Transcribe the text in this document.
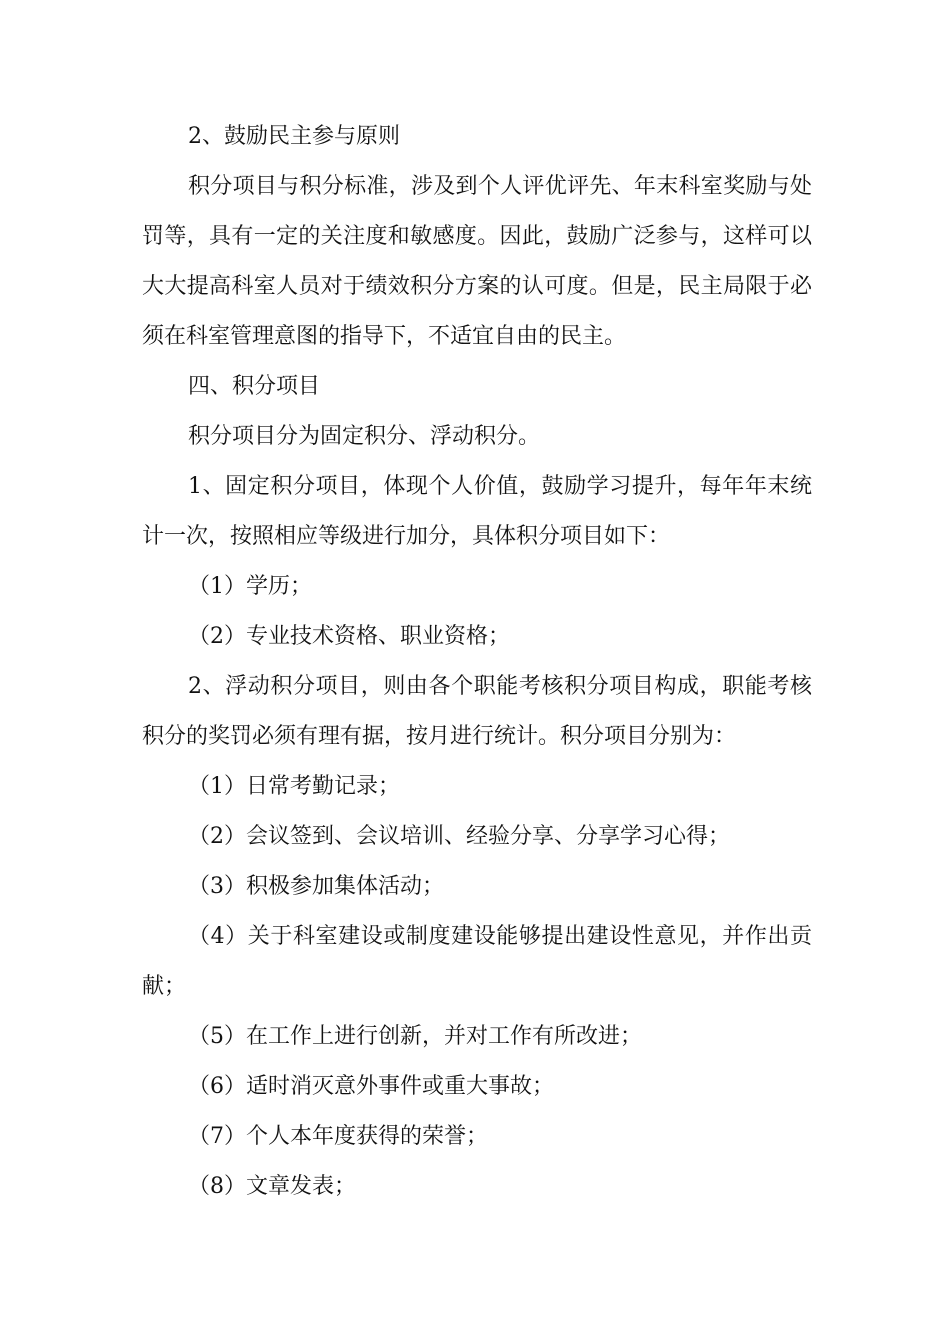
2、鼓励民主参与原则

积分项目与积分标准，涉及到个人评优评先、年末科室奖励与处罚等，具有一定的关注度和敏感度。因此，鼓励广泛参与，这样可以大大提高科室人员对于绩效积分方案的认可度。但是，民主局限于必须在科室管理意图的指导下，不适宜自由的民主。

四、积分项目

积分项目分为固定积分、浮动积分。

1、固定积分项目，体现个人价值，鼓励学习提升，每年年末统计一次，按照相应等级进行加分，具体积分项目如下：

（1）学历；

（2）专业技术资格、职业资格；

2、浮动积分项目，则由各个职能考核积分项目构成，职能考核积分的奖罚必须有理有据，按月进行统计。积分项目分别为：

（1）日常考勤记录；

（2）会议签到、会议培训、经验分享、分享学习心得；

（3）积极参加集体活动；

（4）关于科室建设或制度建设能够提出建设性意见，并作出贡献；

（5）在工作上进行创新，并对工作有所改进；

（6）适时消灭意外事件或重大事故；

（7）个人本年度获得的荣誉；

（8）文章发表；
